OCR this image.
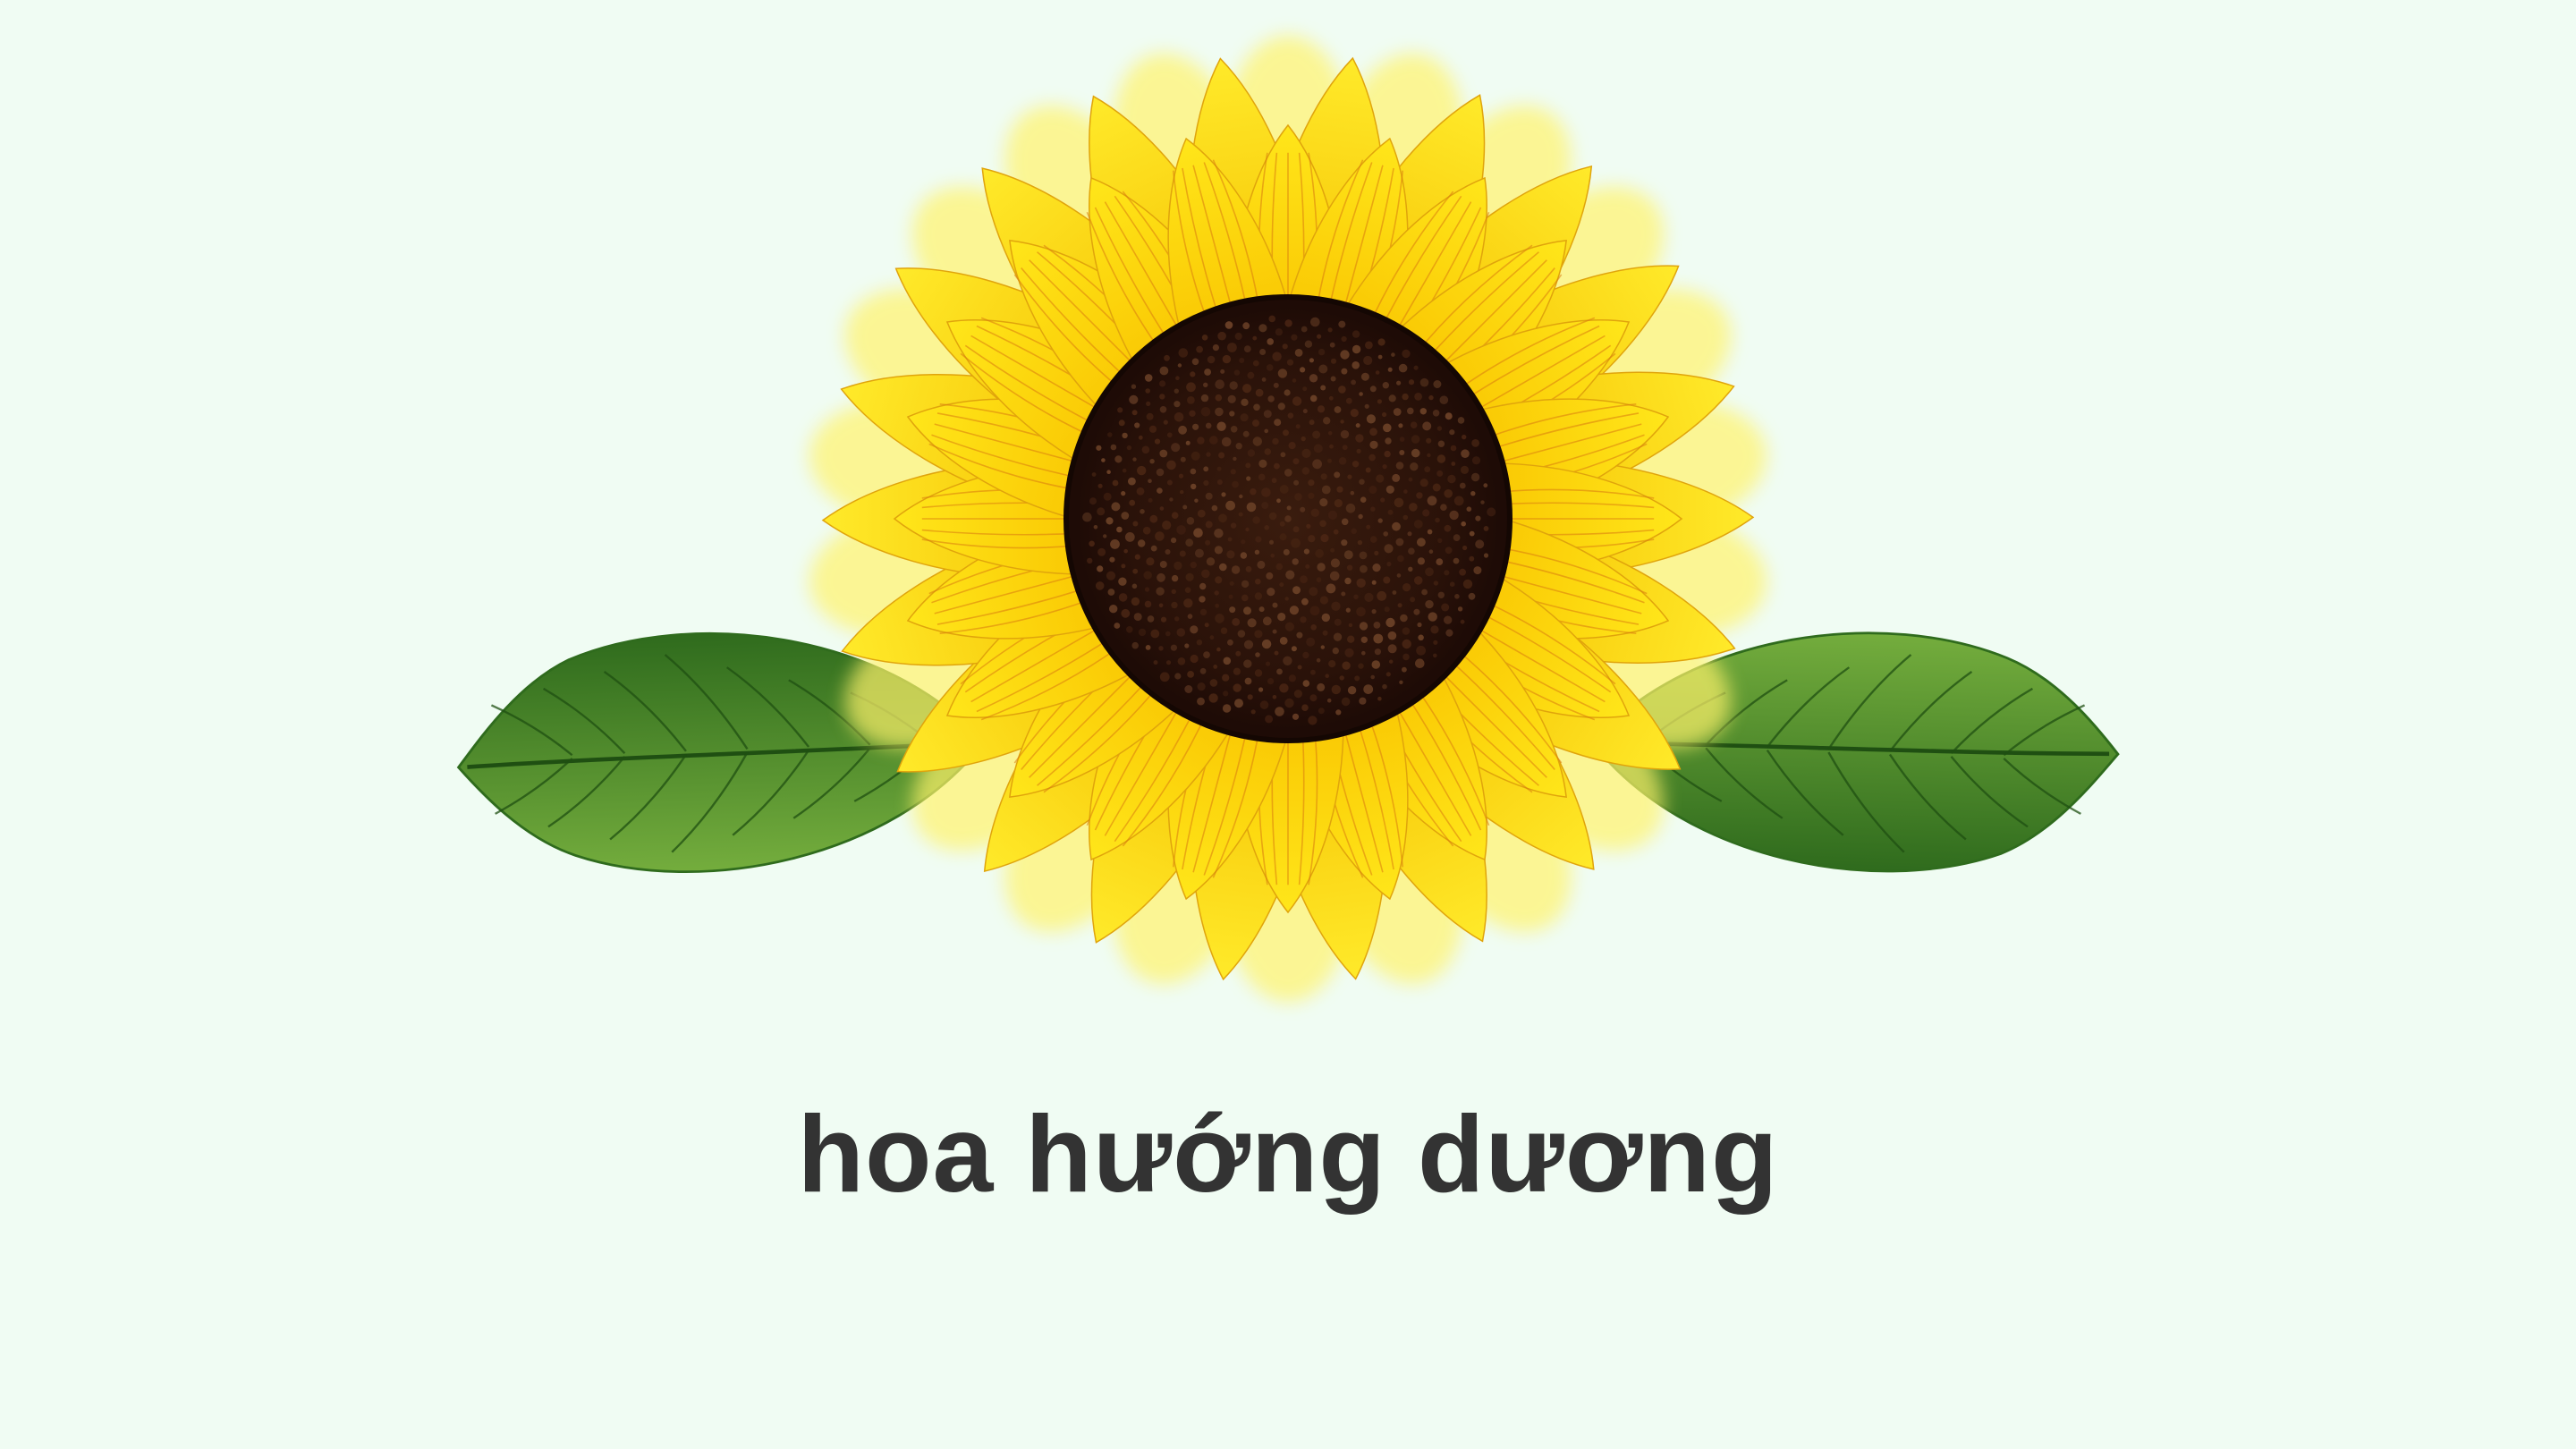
hoa hướng dương
